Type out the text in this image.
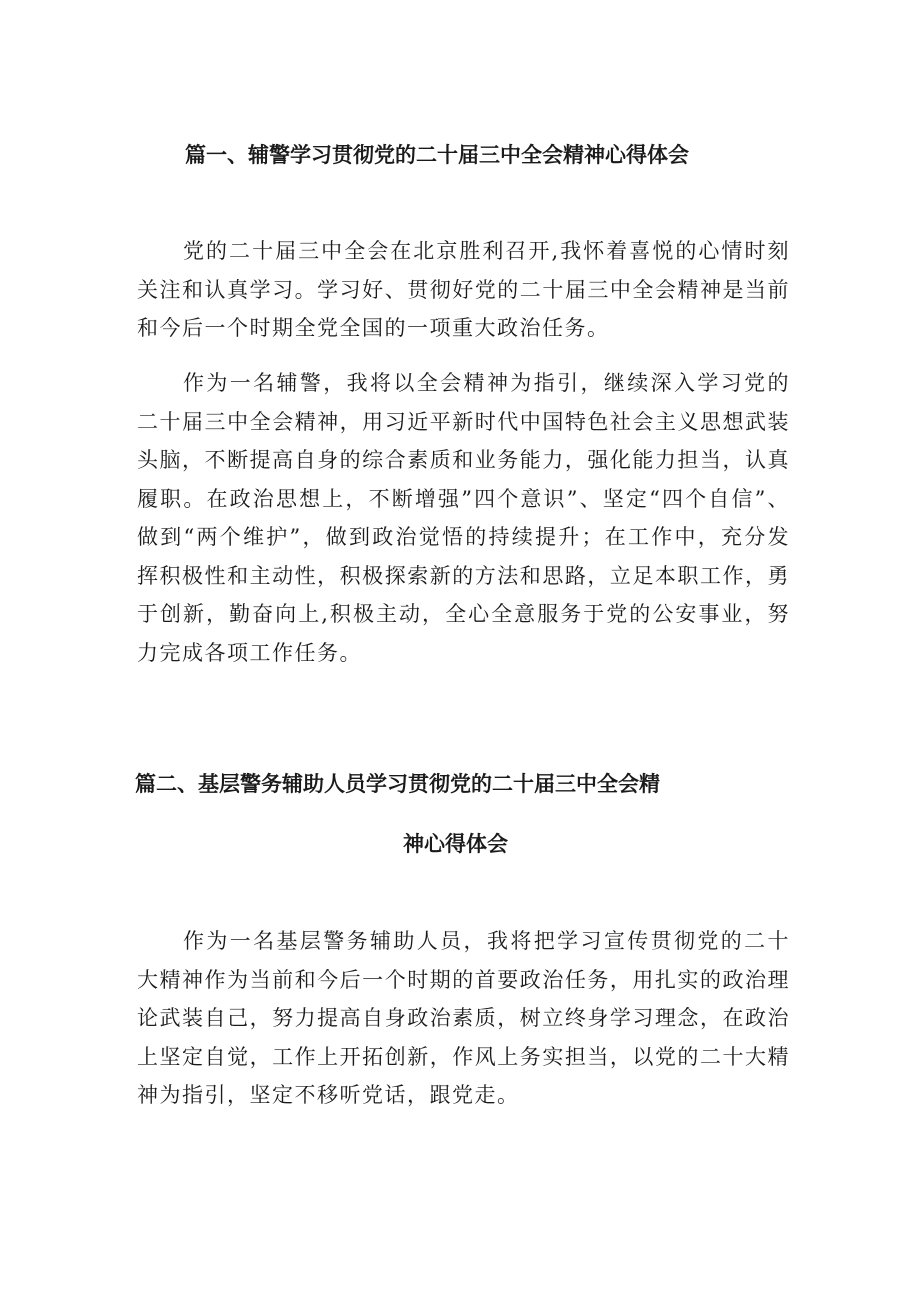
篇一、辅警学习贯彻党的二十届三中全会精神心得体会

党的二十届三中全会在北京胜利召开,我怀着喜悦的心情时刻关注和认真学习。学习好、贯彻好党的二十届三中全会精神是当前和今后一个时期全党全国的一项重大政治任务。

作为一名辅警，我将以全会精神为指引，继续深入学习党的二十届三中全会精神，用习近平新时代中国特色社会主义思想武装头脑，不断提高自身的综合素质和业务能力，强化能力担当，认真履职。在政治思想上，不断增强”四个意识”、坚定“四个自信”、做到“两个维护”，做到政治觉悟的持续提升；在工作中，充分发挥积极性和主动性，积极探索新的方法和思路，立足本职工作，勇于创新，勤奋向上,积极主动，全心全意服务于党的公安事业，努力完成各项工作任务。

篇二、基层警务辅助人员学习贯彻党的二十届三中全会精
神心得体会

作为一名基层警务辅助人员，我将把学习宣传贯彻党的二十大精神作为当前和今后一个时期的首要政治任务，用扎实的政治理论武装自己，努力提高自身政治素质，树立终身学习理念，在政治上坚定自觉，工作上开拓创新，作风上务实担当，以党的二十大精神为指引，坚定不移听党话，跟党走。
